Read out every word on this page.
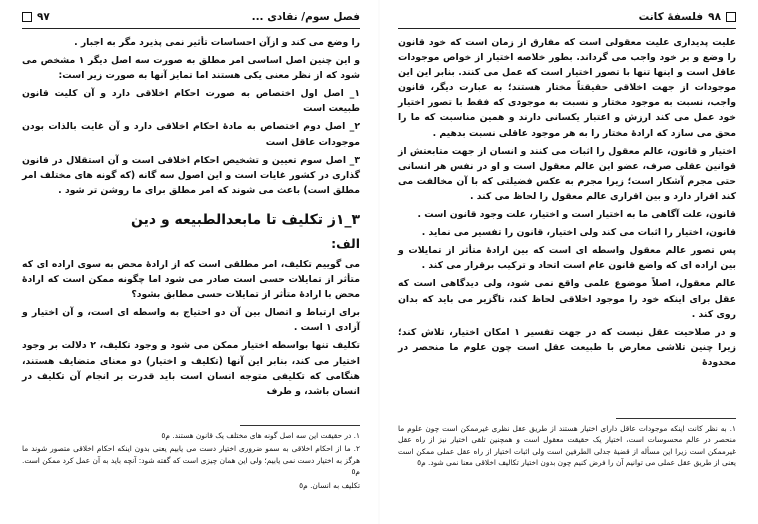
فصل سوم/ نقادی ...
۹۷

را وضع می کند و ازآن احساسات تأثیر نمی پذیرد مگر به اجبار .

و این چنین اصل اساسی امر مطلق به صورت سه اصل دیگر ۱ مشخص می شود که از نظر معنی یکی هستند اما تمایز آنها به صورت زیر است:

۱_ اصل اول اختصاص به صورت احکام اخلاقی دارد و آن کلیت قانون طبیعت است

۲_ اصل دوم اختصاص به مادهٔ احکام اخلاقی دارد و آن غایت بالذات بودن موجودات عاقل است

۳_ اصل سوم تعیین و تشخیص احکام اخلاقی است و آن استقلال در قانون گذاری در کشور غایات است و این اصول سه گانه (که گونه های مختلف امر مطلق است) باعث می شوند که امر مطلق برای ما روشن تر شود .

۳_۱ز تکلیف تا مابعدالطبیعه و دین
الف:

می گوییم تکلیف، امر مطلقی است که از ارادهٔ محض به سوی اراده ای که متأثر از تمایلات حسی است صادر می شود اما چگونه ممکن است که ارادهٔ محض با ارادهٔ متأثر از تمایلات حسی مطابق بشود؟

برای ارتباط و اتصال بین آن دو احتیاج به واسطه ای است، و آن اختیار و آزادی ۱ است .

تکلیف تنها بواسطه اختیار ممکن می شود و وجود تکلیف، ۲ دلالت بر وجود اختیار می کند، بنابر این آنها (تکلیف و اختیار) دو معنای متضایف هستند، هنگامی که تکلیفی متوجه انسان است باید قدرت بر انجام آن تکلیف در انسان باشد، و طرف

۱. در حقیقت این سه اصل گونه های مختلف یک قانون هستند. م٥

۲. ما از احکام اخلاقی به سمو ضروری اختیار دست می یابیم یعنی بدون اینکه احکام اخلاقی متصور شوند ما هرگز به اختیار دست نمی یابیم؛ ولی این همان چیزی است که گفته شود: آنچه باید به آن عمل کرد ممکن است. م٥

تکلیف به انسان. م٥

۹۸
فلسفهٔ کانت

علیت پدیداری علیت معقولی است که مفارق از زمان است که خود قانون را وضع و بر خود واجب می گرداند. بطور خلاصه اختیار از خواص موجودات عاقل است و اینها تنها با تصور اختیار است که عمل می کنند. بنابر این این موجودات از جهت اخلاقی حقیقتاً مختار هستند؛ به عبارت دیگر، قانون واجب، نسبت به موجود مختار و نسبت به موجودی که فقط با تصور اختیار خود عمل می کند ارزش و اعتبار یکسانی دارند و همین مناسبت که ما را محق می سازد که ارادهٔ مختار را به هر موجود عاقلی نسبت بدهیم .

اختیار و قانون، عالم معقول را اثبات می کنند و انسان از جهت متابعتش از قوانین عقلی صرف، عضو این عالم معقول است و او در نفس هر انسانی حتی مجرم آشکار است؛ زیرا مجرم به عکس فضیلتی که با آن مخالفت می کند اقرار دارد و بین اقراری عالم معقول را لحاظ می کند .

قانون، علت آگاهی ما به اختیار است و اختیار، علت وجود قانون است .

قانون، اختیار را اثبات می کند ولی اختیار، قانون را تفسیر می نماید .

پس تصور عالم معقول واسطه ای است که بین ارادهٔ متأثر از تمایلات و بین اراده ای که واضع قانون عام است اتحاد و ترکیب برقرار می کند .

عالم معقول، اصلاً موضوع علمی واقع نمی شود، ولی دیدگاهی است که عقل برای اینکه خود را موجود اخلاقی لحاظ کند، ناگزیر می باید که بدان روی کند .

و در صلاحیت عقل نیست که در جهت تفسیر ۱ امکان اختیار، تلاش کند؛ زیرا چنین تلاشی معارض با طبیعت عقل است چون علوم ما منحصر در محدودهٔ

۱. به نظر کانت اینکه موجودات عاقل دارای اختیار هستند از طریق عقل نظری غیرممکن است چون علوم ما منحصر در عالم محسوسات است، اختیار یک حقیقت معقول است و همچنین تلقی اختیار نیز از راه عقل غیرممکن است زیرا این مسأله از قضیهٔ جدلی الطرفین است ولی اثبات اختیار از راه عقل عملی ممکن است یعنی از طریق عقل عملی می توانیم آن را فرض کنیم چون بدون اختیار تکالیف اخلاقی معنا نمی شود. م٥
